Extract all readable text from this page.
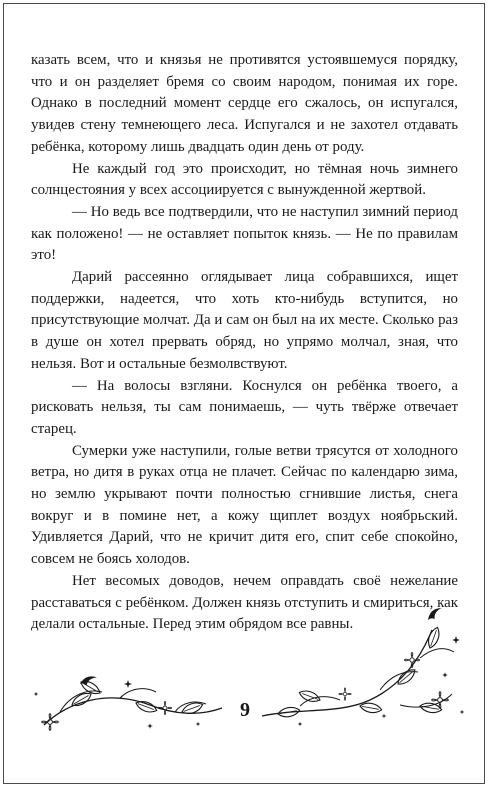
казать всем, что и князья не противятся устоявшемуся порядку, что и он разделяет бремя со своим народом, понимая их горе. Однако в последний момент сердце его сжалось, он испугался, увидев стену темнеющего леса. Испугался и не захотел отдавать ребёнка, которому лишь двадцать один день от роду.

Не каждый год это происходит, но тёмная ночь зимнего солнцестояния у всех ассоциируется с вынужденной жертвой.

— Но ведь все подтвердили, что не наступил зимний период как положено! — не оставляет попыток князь. — Не по правилам это!

Дарий рассеянно оглядывает лица собравшихся, ищет поддержки, надеется, что хоть кто-нибудь вступится, но присутствующие молчат. Да и сам он был на их месте. Сколько раз в душе он хотел прервать обряд, но упрямо молчал, зная, что нельзя. Вот и остальные безмолвствуют.

— На волосы взгляни. Коснулся он ребёнка твоего, а рисковать нельзя, ты сам понимаешь, — чуть твёрже отвечает старец.

Сумерки уже наступили, голые ветви трясутся от холодного ветра, но дитя в руках отца не плачет. Сейчас по календарю зима, но землю укрывают почти полностью сгнившие листья, снега вокруг и в помине нет, а кожу щиплет воздух ноябрьский. Удивляется Дарий, что не кричит дитя его, спит себе спокойно, совсем не боясь холодов.

Нет весомых доводов, нечем оправдать своё нежелание расставаться с ребёнком. Должен князь отступить и смириться, как делали остальные. Перед этим обрядом все равны.

9
